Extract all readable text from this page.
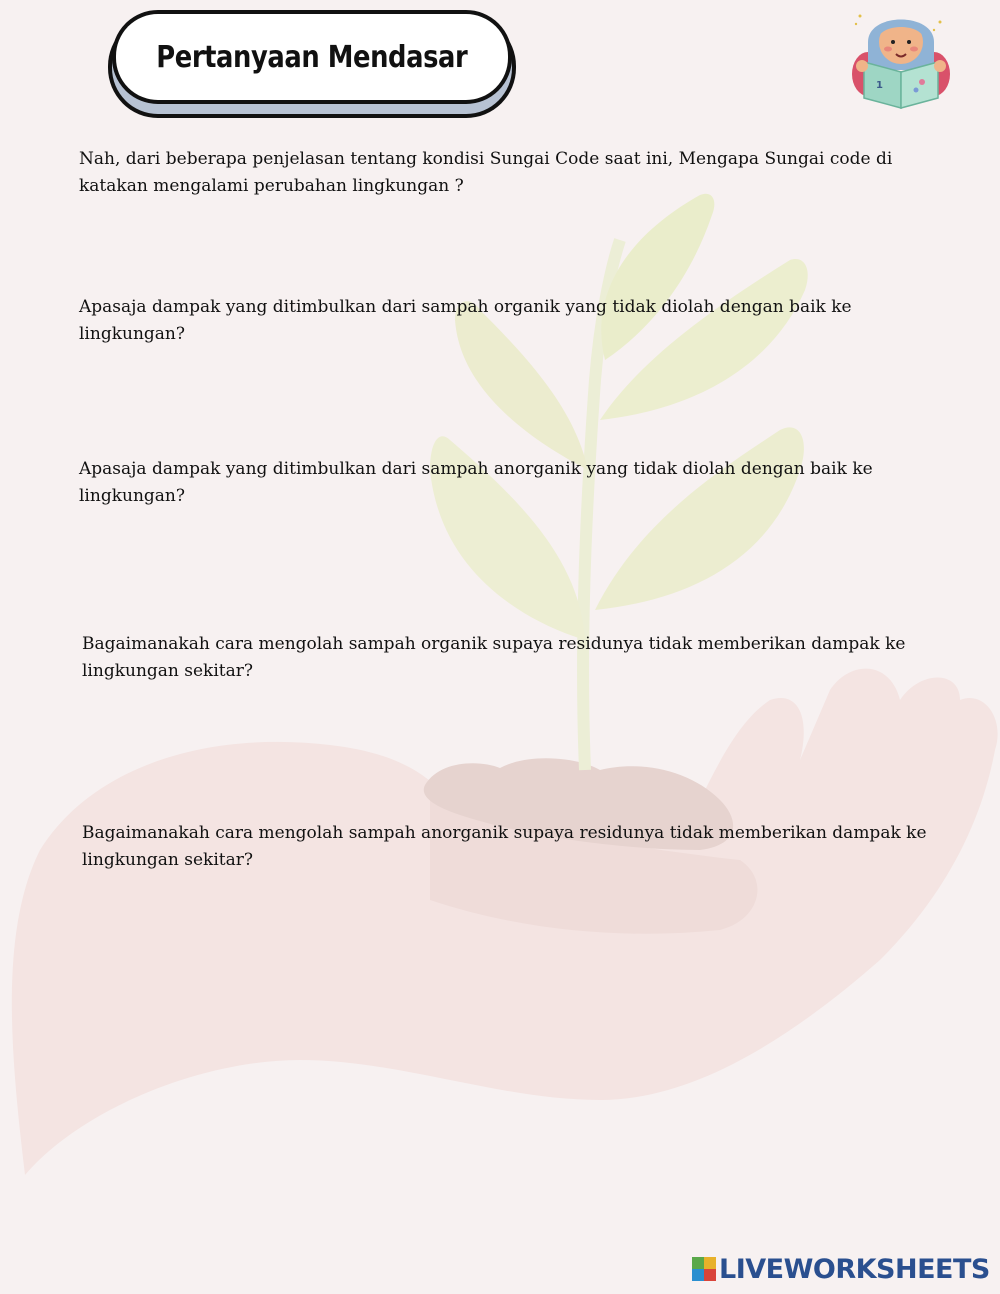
Pertanyaan Mendasar
1

Nah, dari beberapa penjelasan tentang kondisi Sungai Code saat ini, Mengapa Sungai code di katakan mengalami perubahan lingkungan ?

Apasaja dampak yang ditimbulkan dari sampah organik yang tidak diolah dengan baik ke lingkungan?

Apasaja dampak yang ditimbulkan dari sampah anorganik yang tidak diolah dengan baik ke lingkungan?

Bagaimanakah cara mengolah sampah organik supaya residunya tidak memberikan dampak ke lingkungan sekitar?

Bagaimanakah cara mengolah sampah anorganik supaya residunya tidak memberikan dampak ke lingkungan sekitar?

LIVEWORKSHEETS
